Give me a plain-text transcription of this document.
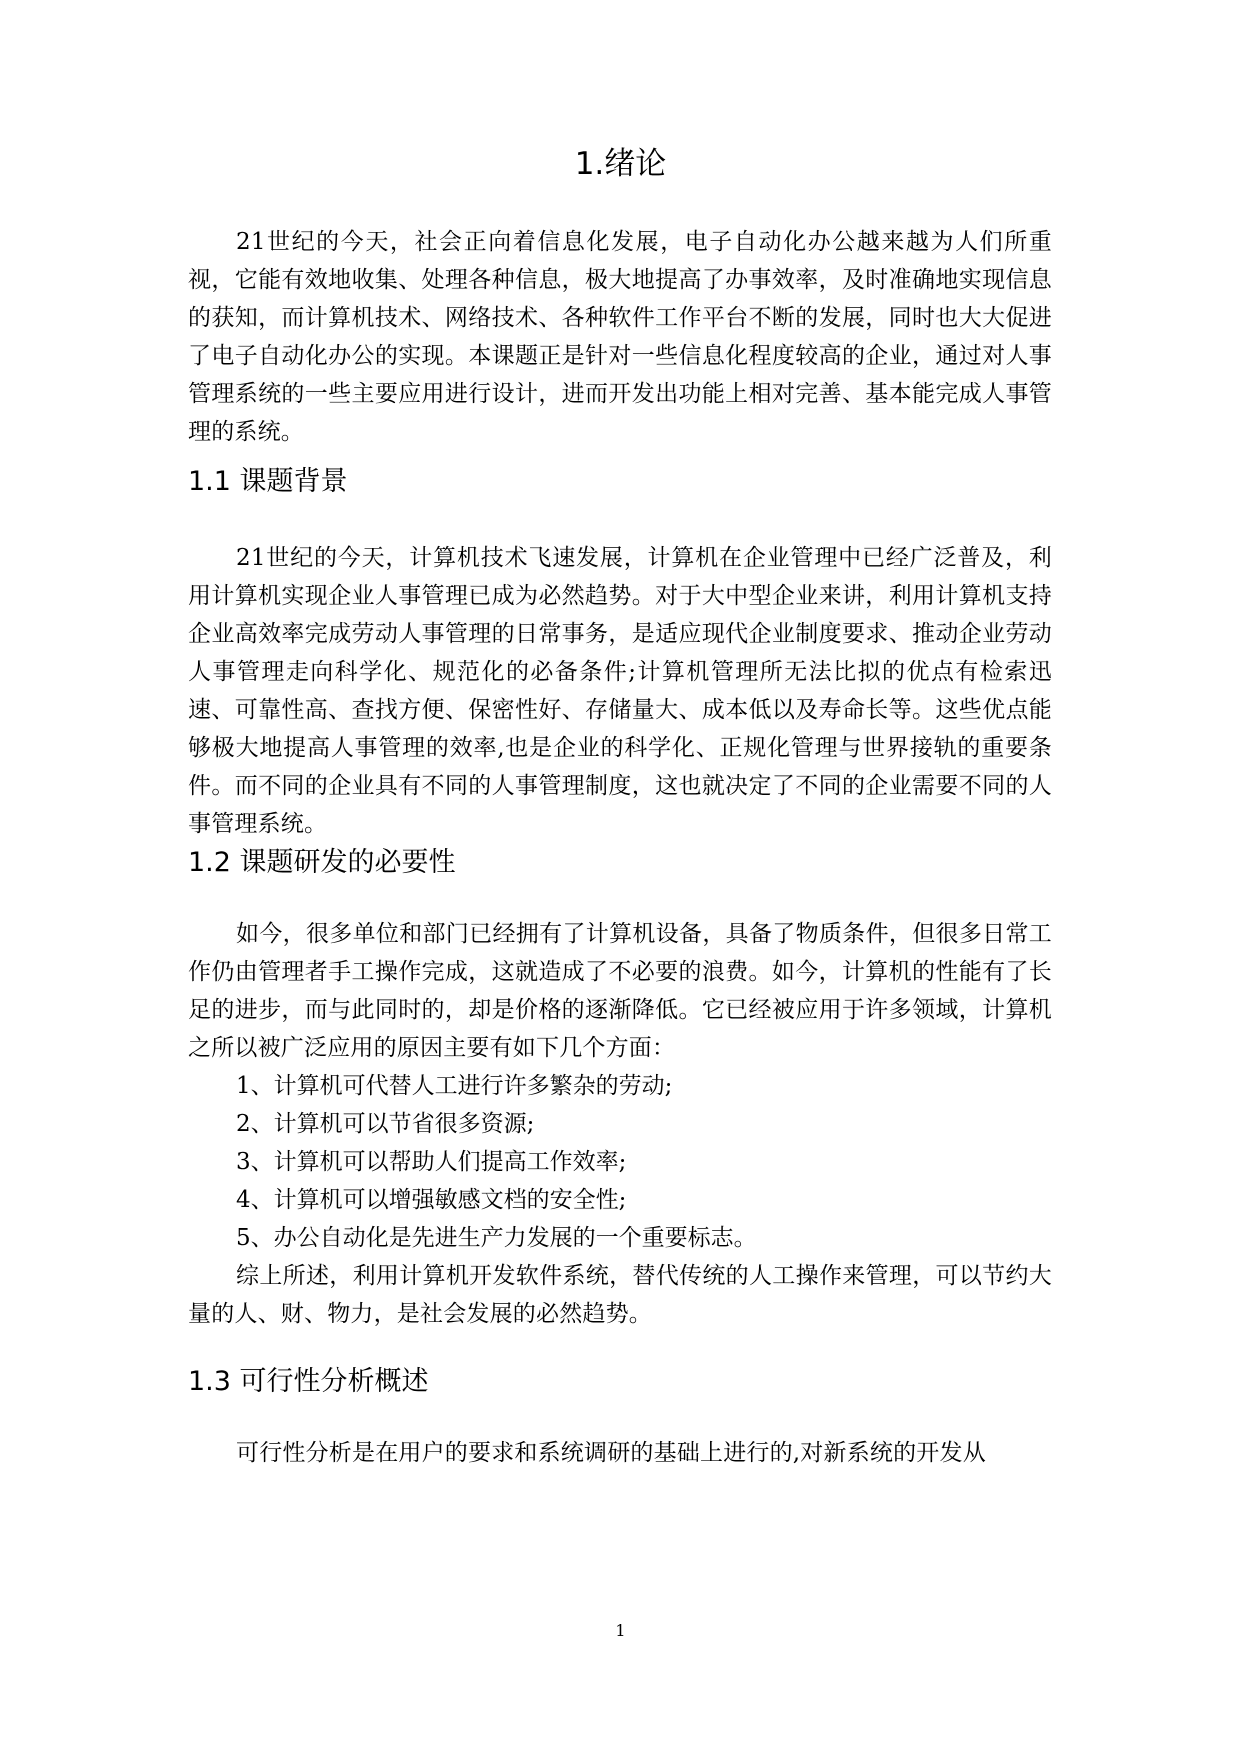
1.绪论

21世纪的今天，社会正向着信息化发展，电子自动化办公越来越为人们所重视，它能有效地收集、处理各种信息，极大地提高了办事效率，及时准确地实现信息的获知，而计算机技术、网络技术、各种软件工作平台不断的发展，同时也大大促进了电子自动化办公的实现。本课题正是针对一些信息化程度较高的企业，通过对人事管理系统的一些主要应用进行设计，进而开发出功能上相对完善、基本能完成人事管理的系统。

1.1 课题背景

21世纪的今天，计算机技术飞速发展，计算机在企业管理中已经广泛普及，利用计算机实现企业人事管理已成为必然趋势。对于大中型企业来讲，利用计算机支持企业高效率完成劳动人事管理的日常事务，是适应现代企业制度要求、推动企业劳动人事管理走向科学化、规范化的必备条件;计算机管理所无法比拟的优点有检索迅速、可靠性高、查找方便、保密性好、存储量大、成本低以及寿命长等。这些优点能够极大地提高人事管理的效率,也是企业的科学化、正规化管理与世界接轨的重要条件。而不同的企业具有不同的人事管理制度，这也就决定了不同的企业需要不同的人事管理系统。

1.2 课题研发的必要性

如今，很多单位和部门已经拥有了计算机设备，具备了物质条件，但很多日常工作仍由管理者手工操作完成，这就造成了不必要的浪费。如今，计算机的性能有了长足的进步，而与此同时的，却是价格的逐渐降低。它已经被应用于许多领域，计算机之所以被广泛应用的原因主要有如下几个方面：

1、计算机可代替人工进行许多繁杂的劳动;
2、计算机可以节省很多资源;
3、计算机可以帮助人们提高工作效率;
4、计算机可以增强敏感文档的安全性;
5、办公自动化是先进生产力发展的一个重要标志。

综上所述，利用计算机开发软件系统，替代传统的人工操作来管理，可以节约大量的人、财、物力，是社会发展的必然趋势。

1.3 可行性分析概述

可行性分析是在用户的要求和系统调研的基础上进行的,对新系统的开发从

1
